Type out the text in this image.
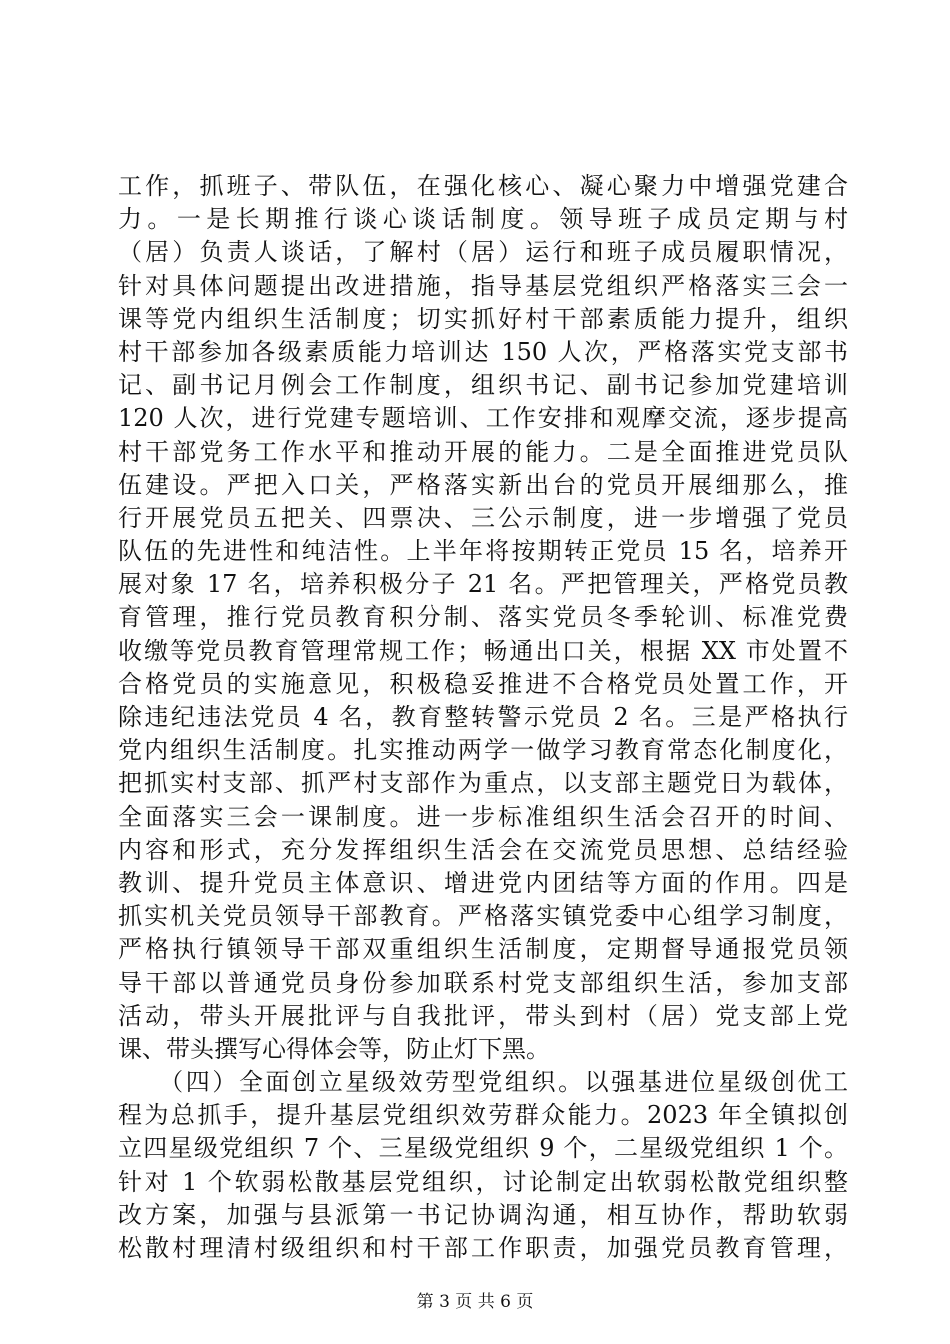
工作，抓班子、带队伍，在强化核心、凝心聚力中增强党建合
力。一是长期推行谈心谈话制度。领导班子成员定期与村
（居）负责人谈话，了解村（居）运行和班子成员履职情况，
针对具体问题提出改进措施，指导基层党组织严格落实三会一
课等党内组织生活制度；切实抓好村干部素质能力提升，组织
村干部参加各级素质能力培训达 150 人次，严格落实党支部书
记、副书记月例会工作制度，组织书记、副书记参加党建培训
120 人次，进行党建专题培训、工作安排和观摩交流，逐步提高
村干部党务工作水平和推动开展的能力。二是全面推进党员队
伍建设。严把入口关，严格落实新出台的党员开展细那么，推
行开展党员五把关、四票决、三公示制度，进一步增强了党员
队伍的先进性和纯洁性。上半年将按期转正党员 15 名，培养开
展对象 17 名，培养积极分子 21 名。严把管理关，严格党员教
育管理，推行党员教育积分制、落实党员冬季轮训、标准党费
收缴等党员教育管理常规工作；畅通出口关，根据 XX 市处置不
合格党员的实施意见，积极稳妥推进不合格党员处置工作，开
除违纪违法党员 4 名，教育整转警示党员 2 名。三是严格执行
党内组织生活制度。扎实推动两学一做学习教育常态化制度化，
把抓实村支部、抓严村支部作为重点，以支部主题党日为载体，
全面落实三会一课制度。进一步标准组织生活会召开的时间、
内容和形式，充分发挥组织生活会在交流党员思想、总结经验
教训、提升党员主体意识、增进党内团结等方面的作用。四是
抓实机关党员领导干部教育。严格落实镇党委中心组学习制度，
严格执行镇领导干部双重组织生活制度，定期督导通报党员领
导干部以普通党员身份参加联系村党支部组织生活，参加支部
活动，带头开展批评与自我批评，带头到村（居）党支部上党
课、带头撰写心得体会等，防止灯下黑。
　　（四）全面创立星级效劳型党组织。以强基进位星级创优工
程为总抓手，提升基层党组织效劳群众能力。2023 年全镇拟创
立四星级党组织 7 个、三星级党组织 9 个，二星级党组织 1 个。
针对 1 个软弱松散基层党组织，讨论制定出软弱松散党组织整
改方案，加强与县派第一书记协调沟通，相互协作，帮助软弱
松散村理清村级组织和村干部工作职责，加强党员教育管理，
第 3 页 共 6 页
